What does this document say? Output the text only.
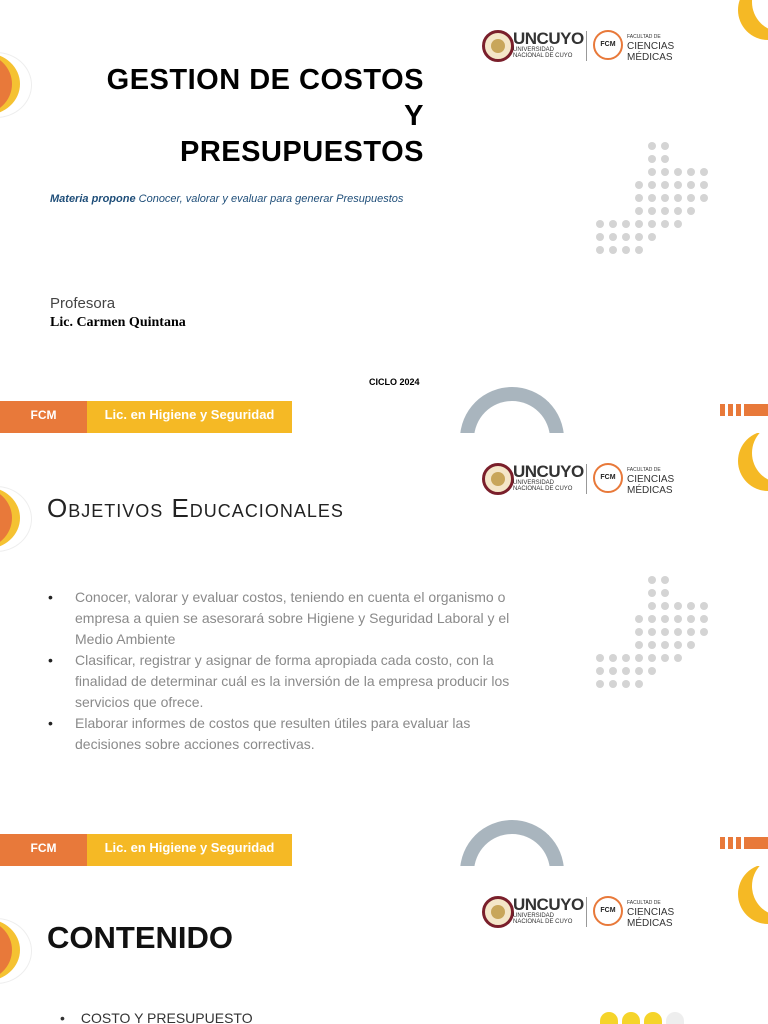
UNCUYO
UNIVERSIDAD NACIONAL DE CUYO
FCM
FACULTAD DE
CIENCIAS MÉDICAS
GESTION DE COSTOS
Y
PRESUPUESTOS
Materia propone Conocer, valorar y evaluar para generar Presupuestos
Profesora
Lic. Carmen Quintana
CICLO 2024
FCM	Lic. en Higiene y Seguridad
UNCUYO
UNIVERSIDAD NACIONAL DE CUYO
FCM
FACULTAD DE
CIENCIAS MÉDICAS
Objetivos Educacionales
• Conocer, valorar y evaluar costos, teniendo en cuenta el organismo o empresa a quien se asesorará sobre Higiene y Seguridad Laboral y el Medio Ambiente
• Clasificar, registrar y asignar de forma apropiada cada costo, con la finalidad de determinar cuál es la inversión de la empresa producir los servicios que ofrece.
• Elaborar informes de costos que resulten útiles para evaluar las decisiones sobre acciones correctivas.
FCM	Lic. en Higiene y Seguridad
UNCUYO
UNIVERSIDAD NACIONAL DE CUYO
FCM
FACULTAD DE
CIENCIAS MÉDICAS
CONTENIDO
• COSTO Y PRESUPUESTO
